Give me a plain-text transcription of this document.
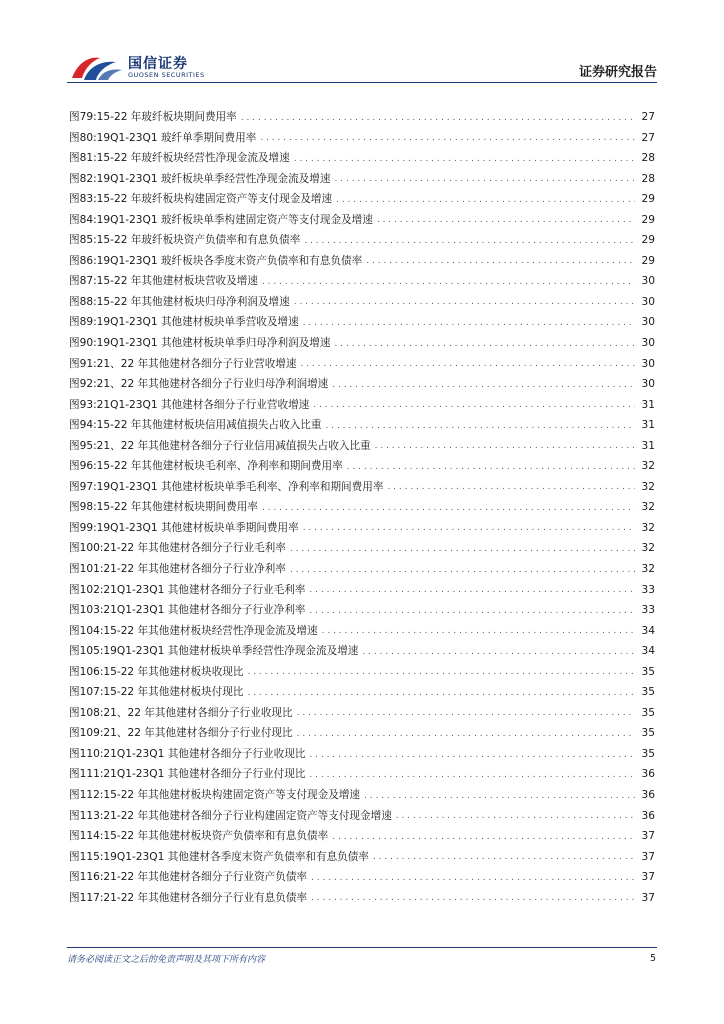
国信证券
GUOSEN SECURITIES	证券研究报告
图79: 15-22 年玻纤板块期间费用率 . . .	27
图80: 19Q1-23Q1 玻纤单季期间费用率 . . .	27
图81: 15-22 年玻纤板块经营性净现金流及增速 . . .	28
图82: 19Q1-23Q1 玻纤板块单季经营性净现金流及增速 . . .	28
图83: 15-22 年玻纤板块构建固定资产等支付现金及增速 . . .	29
图84: 19Q1-23Q1 玻纤板块单季构建固定资产等支付现金及增速 . . .	29
图85: 15-22 年玻纤板块资产负债率和有息负债率 . . .	29
图86: 19Q1-23Q1 玻纤板块各季度末资产负债率和有息负债率 . . .	29
图87: 15-22 年其他建材板块营收及增速 . . .	30
图88: 15-22 年其他建材板块归母净利润及增速 . . .	30
图89: 19Q1-23Q1 其他建材板块单季营收及增速 . . .	30
图90: 19Q1-23Q1 其他建材板块单季归母净利润及增速 . . .	30
图91: 21、22 年其他建材各细分子行业营收增速 . . .	30
图92: 21、22 年其他建材各细分子行业归母净利润增速 . . .	30
图93: 21Q1-23Q1 其他建材各细分子行业营收增速 . . .	31
图94: 15-22 年其他建材板块信用减值损失占收入比重 . . .	31
图95: 21、22 年其他建材各细分子行业信用减值损失占收入比重 . . .	31
图96: 15-22 年其他建材板块毛利率、净利率和期间费用率 . . .	32
图97: 19Q1-23Q1 其他建材板块单季毛利率、净利率和期间费用率 . . .	32
图98: 15-22 年其他建材板块期间费用率 . . .	32
图99: 19Q1-23Q1 其他建材板块单季期间费用率 . . .	32
图100: 21-22 年其他建材各细分子行业毛利率 . . .	32
图101: 21-22 年其他建材各细分子行业净利率 . . .	32
图102: 21Q1-23Q1 其他建材各细分子行业毛利率 . . .	33
图103: 21Q1-23Q1 其他建材各细分子行业净利率 . . .	33
图104: 15-22 年其他建材板块经营性净现金流及增速 . . .	34
图105: 19Q1-23Q1 其他建材板块单季经营性净现金流及增速 . . .	34
图106: 15-22 年其他建材板块收现比 . . .	35
图107: 15-22 年其他建材板块付现比 . . .	35
图108: 21、22 年其他建材各细分子行业收现比 . . .	35
图109: 21、22 年其他建材各细分子行业付现比 . . .	35
图110: 21Q1-23Q1 其他建材各细分子行业收现比 . . .	35
图111: 21Q1-23Q1 其他建材各细分子行业付现比 . . .	36
图112: 15-22 年其他建材板块构建固定资产等支付现金及增速 . . .	36
图113: 21-22 年其他建材各细分子行业构建固定资产等支付现金增速 . . .	36
图114: 15-22 年其他建材板块资产负债率和有息负债率 . . .	37
图115: 19Q1-23Q1 其他建材各季度末资产负债率和有息负债率 . . .	37
图116: 21-22 年其他建材各细分子行业资产负债率 . . .	37
图117: 21-22 年其他建材各细分子行业有息负债率 . . .	37
请务必阅读正文之后的免责声明及其项下所有内容	5
